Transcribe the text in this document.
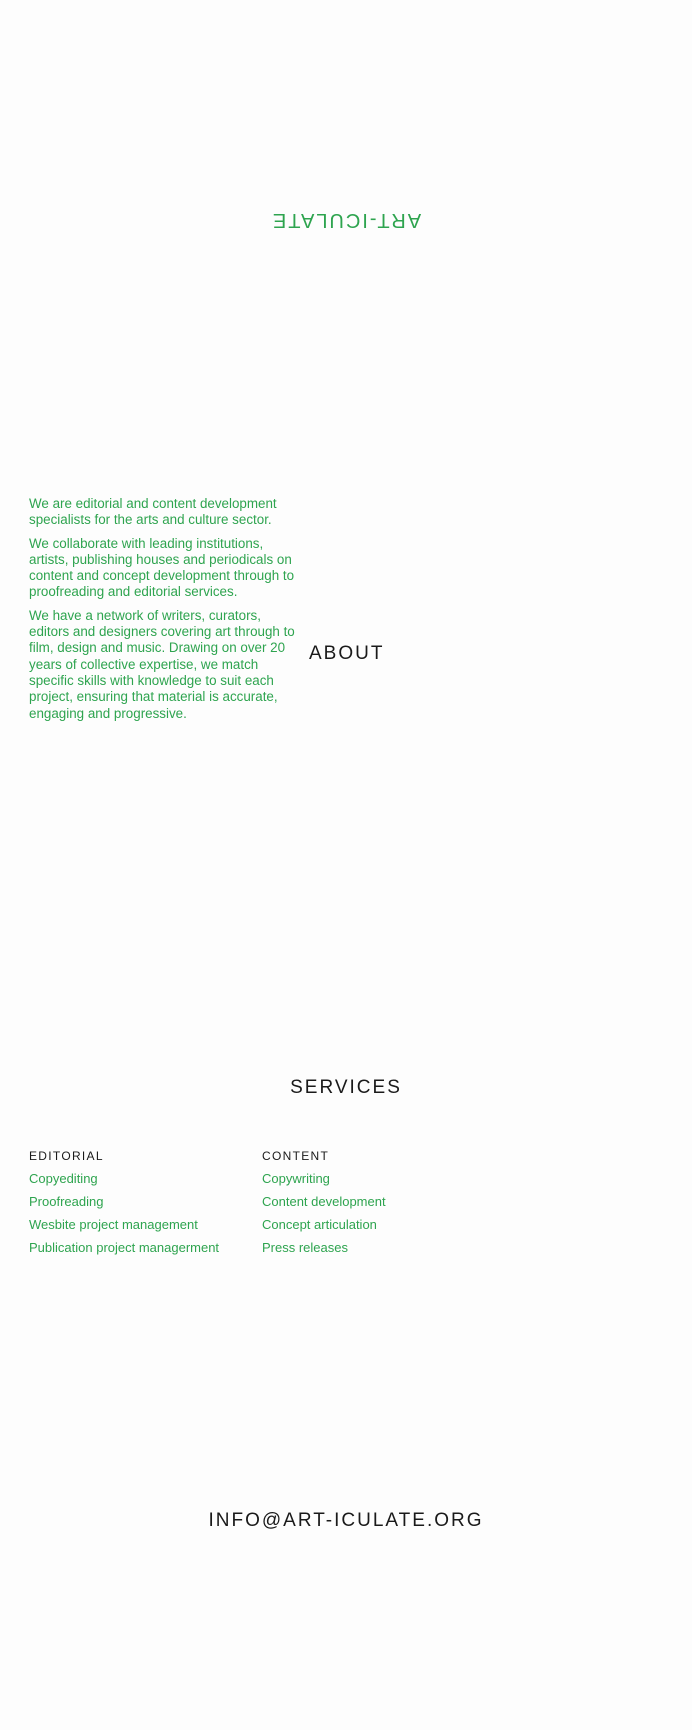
ART-ICULATE

We are editorial and content development specialists for the arts and culture sector.

We collaborate with leading institutions, artists, publishing houses and periodicals on content and concept development through to proofreading and editorial services.

We have a network of writers, curators, editors and designers covering art through to film, design and music. Drawing on over 20 years of collective expertise, we match specific skills with knowledge to suit each project, ensuring that material is accurate, engaging and progressive.

ABOUT
SERVICES
EDITORIAL
Copyediting
Proofreading
Wesbite project management
Publication project managerment
CONTENT
Copywriting
Content development
Concept articulation
Press releases
INFO@ART-ICULATE.ORG
